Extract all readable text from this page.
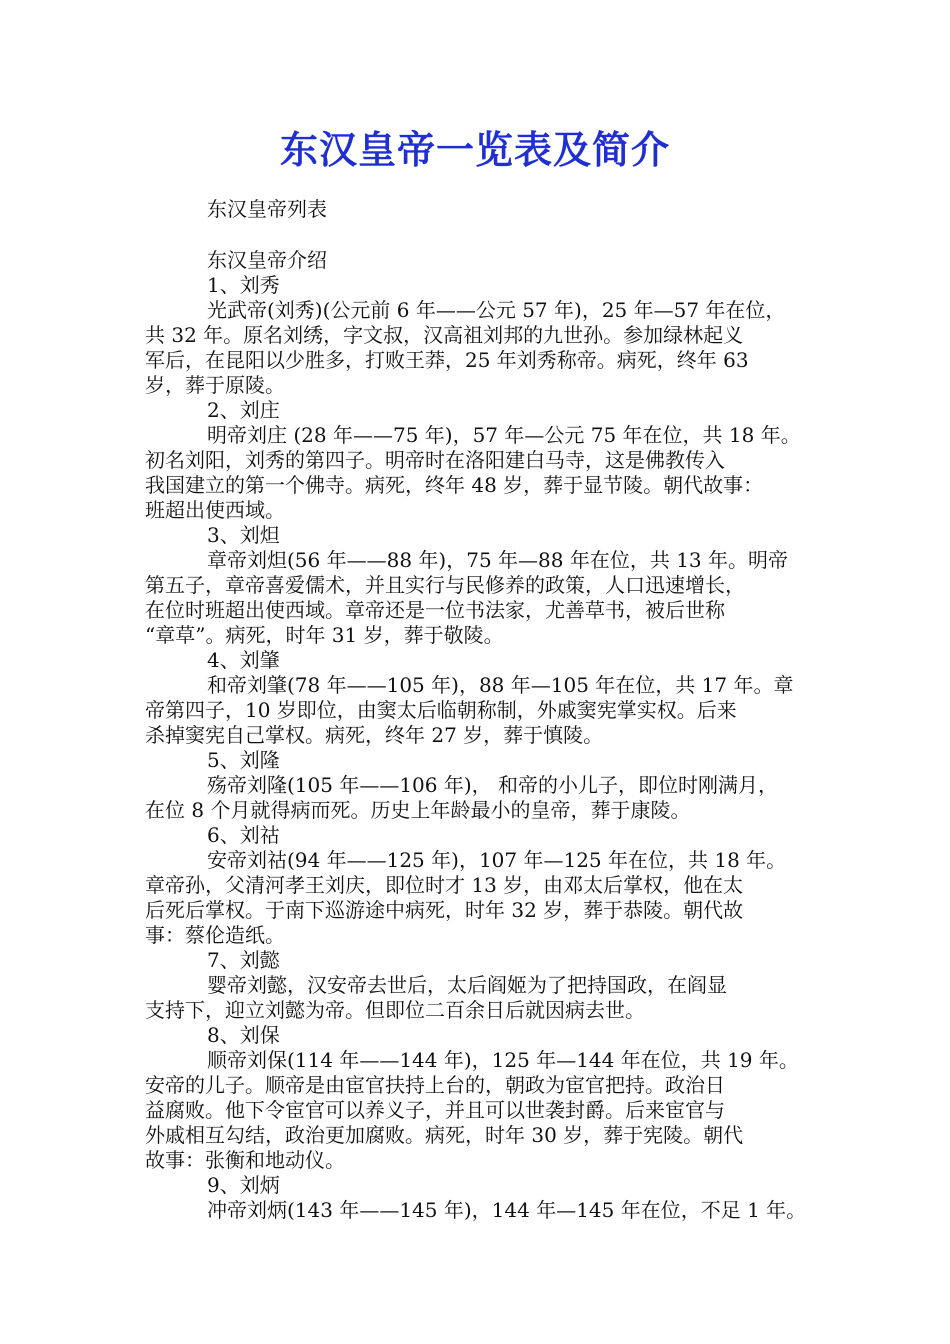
东汉皇帝一览表及简介
东汉皇帝列表
东汉皇帝介绍
1、刘秀
光武帝(刘秀)(公元前 6 年——公元 57 年)，25 年—57 年在位，
共 32 年。原名刘绣，字文叔，汉高祖刘邦的九世孙。参加绿林起义
军后，在昆阳以少胜多，打败王莽，25 年刘秀称帝。病死，终年 63
岁，葬于原陵。
2、刘庄
明帝刘庄 (28 年——75 年)，57 年—公元 75 年在位，共 18 年。
初名刘阳，刘秀的第四子。明帝时在洛阳建白马寺，这是佛教传入
我国建立的第一个佛寺。病死，终年 48 岁，葬于显节陵。朝代故事：
班超出使西域。
3、刘炟
章帝刘炟(56 年——88 年)，75 年—88 年在位，共 13 年。明帝
第五子，章帝喜爱儒术，并且实行与民修养的政策，人口迅速增长，
在位时班超出使西域。章帝还是一位书法家，尤善草书，被后世称
“章草”。病死，时年 31 岁，葬于敬陵。
4、刘肇
和帝刘肇(78 年——105 年)，88 年—105 年在位，共 17 年。章
帝第四子，10 岁即位，由窦太后临朝称制，外戚窦宪掌实权。后来
杀掉窦宪自己掌权。病死，终年 27 岁，葬于慎陵。
5、刘隆
殇帝刘隆(105 年——106 年)， 和帝的小儿子，即位时刚满月，
在位 8 个月就得病而死。历史上年龄最小的皇帝，葬于康陵。
6、刘祜
安帝刘祜(94 年——125 年)，107 年—125 年在位，共 18 年。
章帝孙，父清河孝王刘庆，即位时才 13 岁，由邓太后掌权，他在太
后死后掌权。于南下巡游途中病死，时年 32 岁，葬于恭陵。朝代故
事：蔡伦造纸。
7、刘懿
婴帝刘懿，汉安帝去世后，太后阎姬为了把持国政，在阎显
支持下，迎立刘懿为帝。但即位二百余日后就因病去世。
8、刘保
顺帝刘保(114 年——144 年)，125 年—144 年在位，共 19 年。
安帝的儿子。顺帝是由宦官扶持上台的，朝政为宦官把持。政治日
益腐败。他下令宦官可以养义子，并且可以世袭封爵。后来宦官与
外戚相互勾结，政治更加腐败。病死，时年 30 岁，葬于宪陵。朝代
故事：张衡和地动仪。
9、刘炳
冲帝刘炳(143 年——145 年)，144 年—145 年在位，不足 1 年。
